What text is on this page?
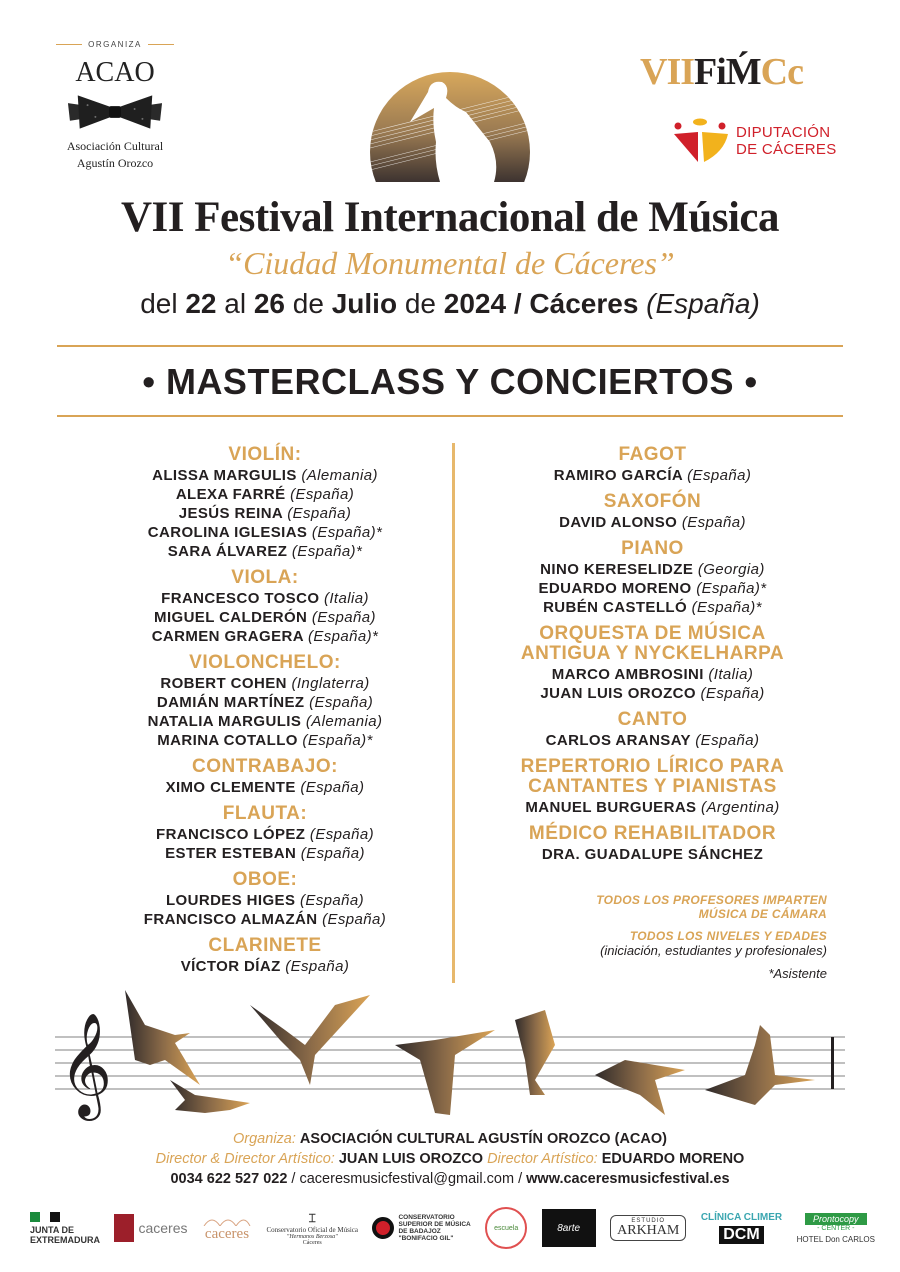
ORGANIZA
ACAO
Asociación Cultural
Agustín Orozco
VIIFiḾCc
DIPUTACIÓN
DE CÁCERES
VII Festival Internacional de Música
“Ciudad Monumental de Cáceres”
del 22 al 26 de Julio de 2024 / Cáceres (España)
• MASTERCLASS Y CONCIERTOS •
VIOLÍN:
ALISSA MARGULIS (Alemania)
ALEXA FARRÉ (España)
JESÚS REINA (España)
CAROLINA IGLESIAS (España)*
SARA ÁLVAREZ (España)*
VIOLA:
FRANCESCO TOSCO (Italia)
MIGUEL CALDERÓN (España)
CARMEN GRAGERA (España)*
VIOLONCHELO:
ROBERT COHEN (Inglaterra)
DAMIÁN MARTÍNEZ (España)
NATALIA MARGULIS (Alemania)
MARINA COTALLO (España)*
CONTRABAJO:
XIMO CLEMENTE (España)
FLAUTA:
FRANCISCO LÓPEZ (España)
ESTER ESTEBAN (España)
OBOE:
LOURDES HIGES (España)
FRANCISCO ALMAZÁN (España)
CLARINETE
VÍCTOR DÍAZ (España)
FAGOT
RAMIRO GARCÍA (España)
SAXOFÓN
DAVID ALONSO (España)
PIANO
NINO KERESELIDZE (Georgia)
EDUARDO MORENO (España)*
RUBÉN CASTELLÓ (España)*
ORQUESTA DE MÚSICA
ANTIGUA Y NYCKELHARPA
MARCO AMBROSINI (Italia)
JUAN LUIS OROZCO (España)
CANTO
CARLOS ARANSAY (España)
REPERTORIO LÍRICO PARA
CANTANTES Y PIANISTAS
MANUEL BURGUERAS (Argentina)
MÉDICO REHABILITADOR
DRA. GUADALUPE SÁNCHEZ
TODOS LOS PROFESORES IMPARTEN
MÚSICA DE CÁMARA
TODOS LOS NIVELES Y EDADES
(iniciación, estudiantes y profesionales)
*Asistente
𝄞
Organiza: ASOCIACIÓN CULTURAL AGUSTÍN OROZCO (ACAO)
Director & Director Artístico: JUAN LUIS OROZCO Director Artístico: EDUARDO MORENO
0034 622 527 022 / caceresmusicfestival@gmail.com / www.caceresmusicfestival.es
JUNTA DE
EXTREMADURA
caceres caceres
⌶
Conservatorio Oficial de Música
"Hermanos Berzosa"
Cáceres
CONSERVATORIO
SUPERIOR DE MÚSICA
DE BADAJOZ
"BONIFACIO GIL"
escuela	8arte
ESTUDIO
ARKHAM
CLÍNICA CLIMER
DCM
Prontocopy
- CENTER -
HOTEL Don CARLOS
